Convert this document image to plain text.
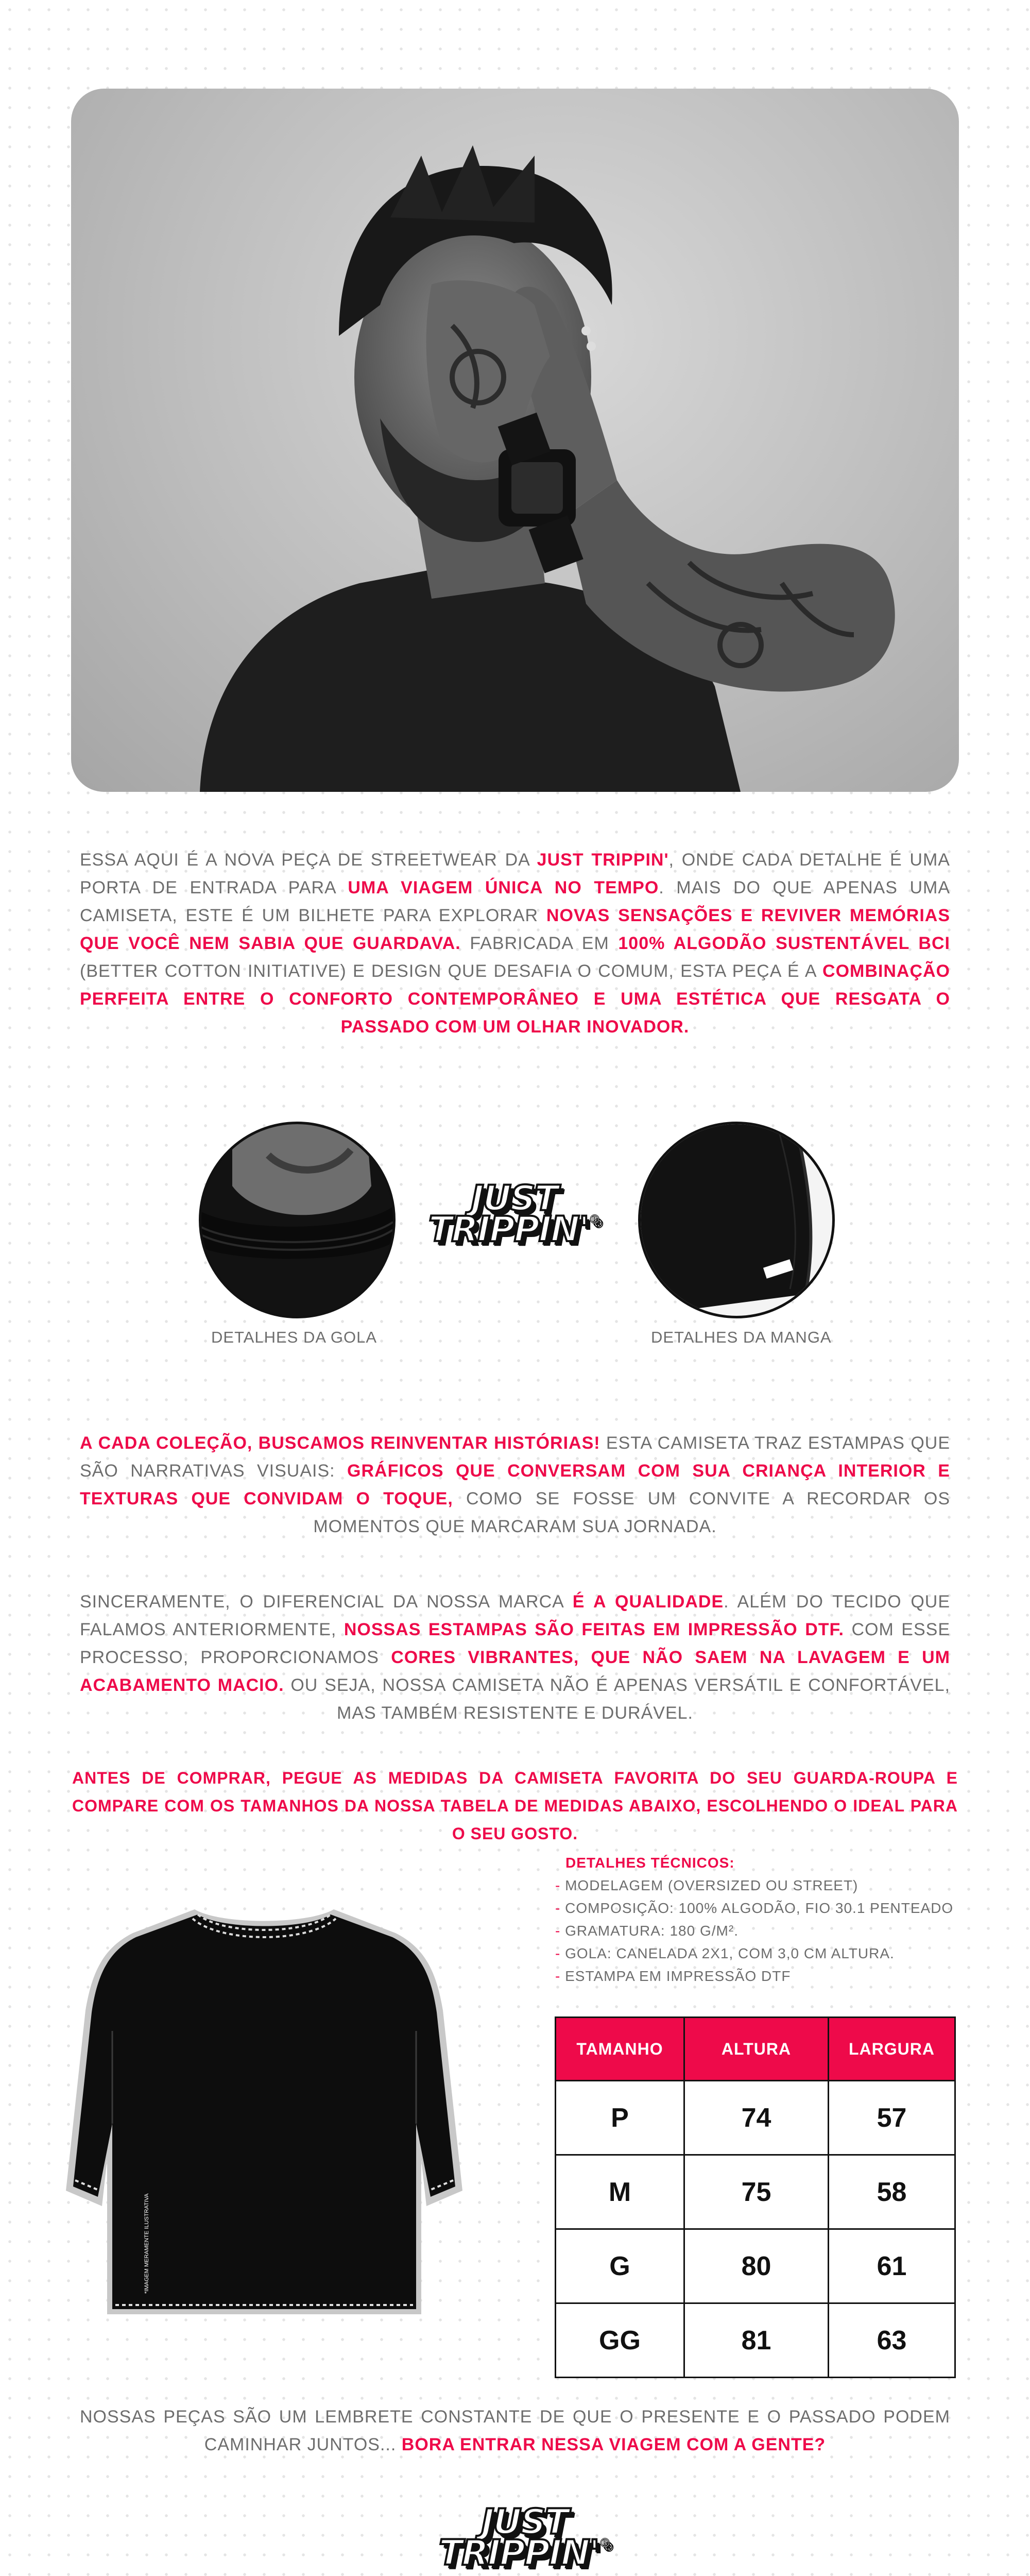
ESSA AQUI É A NOVA PEÇA DE STREETWEAR DA JUST TRIPPIN', ONDE CADA DETALHE É UMA PORTA DE ENTRADA PARA UMA VIAGEM ÚNICA NO TEMPO. MAIS DO QUE APENAS UMA CAMISETA, ESTE É UM BILHETE PARA EXPLORAR NOVAS SENSAÇÕES E REVIVER MEMÓRIAS QUE VOCÊ NEM SABIA QUE GUARDAVA. FABRICADA EM 100% ALGODÃO SUSTENTÁVEL BCI (BETTER COTTON INITIATIVE) E DESIGN QUE DESAFIA O COMUM, ESTA PEÇA É A COMBINAÇÃO PERFEITA ENTRE O CONFORTO CONTEMPORÂNEO E UMA ESTÉTICA QUE RESGATA O PASSADO COM UM OLHAR INOVADOR.

JUST
TRIPPIN'®
DETALHES DA GOLA	DETALHES DA MANGA

A CADA COLEÇÃO, BUSCAMOS REINVENTAR HISTÓRIAS! ESTA CAMISETA TRAZ ESTAMPAS QUE SÃO NARRATIVAS VISUAIS: GRÁFICOS QUE CONVERSAM COM SUA CRIANÇA INTERIOR E TEXTURAS QUE CONVIDAM O TOQUE, COMO SE FOSSE UM CONVITE A RECORDAR OS MOMENTOS QUE MARCARAM SUA JORNADA.

SINCERAMENTE, O DIFERENCIAL DA NOSSA MARCA É A QUALIDADE. ALÉM DO TECIDO QUE FALAMOS ANTERIORMENTE, NOSSAS ESTAMPAS SÃO FEITAS EM IMPRESSÃO DTF. COM ESSE PROCESSO, PROPORCIONAMOS CORES VIBRANTES, QUE NÃO SAEM NA LAVAGEM E UM ACABAMENTO MACIO. OU SEJA, NOSSA CAMISETA NÃO É APENAS VERSÁTIL E CONFORTÁVEL, MAS TAMBÉM RESISTENTE E DURÁVEL.

ANTES DE COMPRAR, PEGUE AS MEDIDAS DA CAMISETA FAVORITA DO SEU GUARDA-ROUPA E COMPARE COM OS TAMANHOS DA NOSSA TABELA DE MEDIDAS ABAIXO, ESCOLHENDO O IDEAL PARA O SEU GOSTO.

*IMAGEM MERAMENTE ILUSTRATIVA
DETALHES TÉCNICOS:
- MODELAGEM (OVERSIZED OU STREET)
- COMPOSIÇÃO: 100% ALGODÃO, FIO 30.1 PENTEADO
- GRAMATURA: 180 G/M².
- GOLA: CANELADA 2X1, COM 3,0 CM ALTURA.
- ESTAMPA EM IMPRESSÃO DTF
TAMANHO	ALTURA	LARGURA
P	74	57
M	75	58
G	80	61
GG	81	63

NOSSAS PEÇAS SÃO UM LEMBRETE CONSTANTE DE QUE O PRESENTE E O PASSADO PODEM CAMINHAR JUNTOS... BORA ENTRAR NESSA VIAGEM COM A GENTE?

JUST
TRIPPIN'®
